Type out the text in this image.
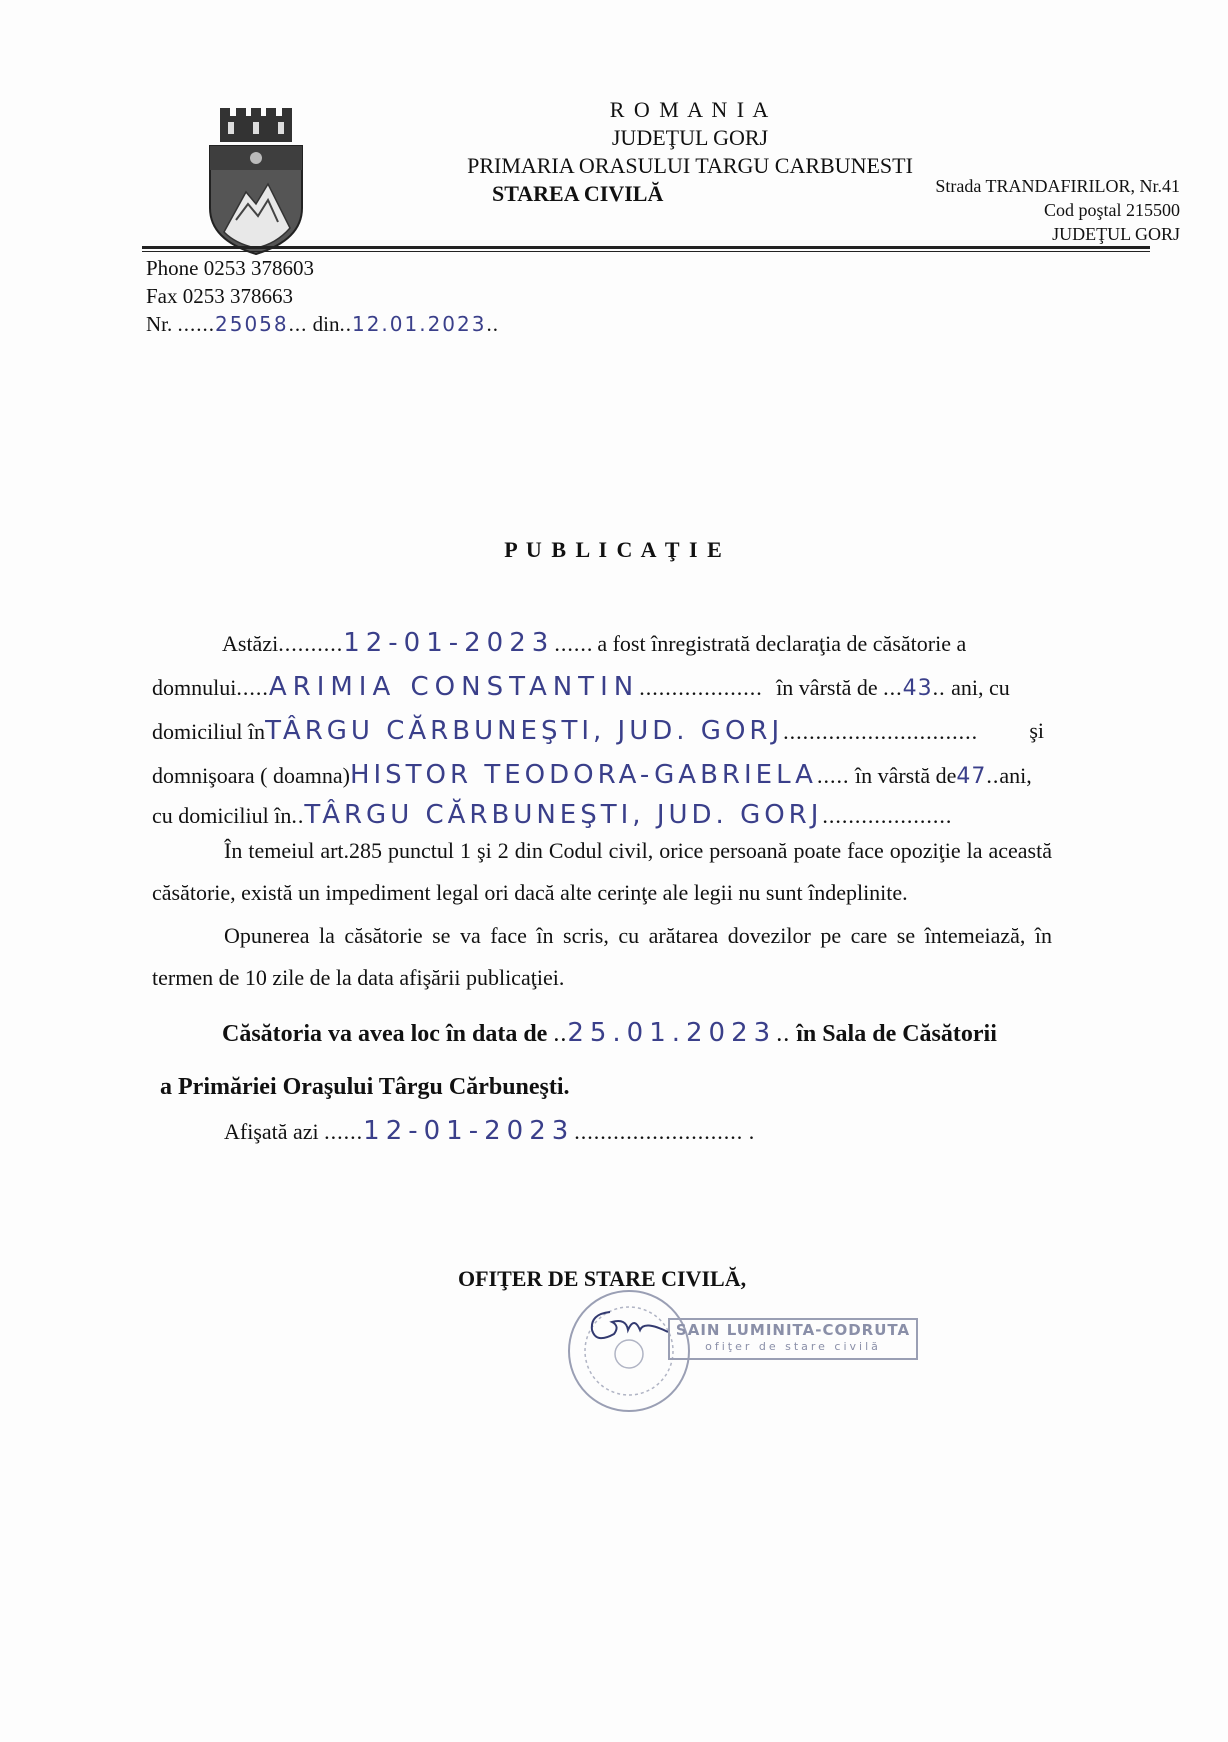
R O M A N I A
JUDEŢUL GORJ
PRIMARIA ORASULUI TARGU CARBUNESTI
STAREA CIVILĂ	Strada TRANDAFIRILOR, Nr.41
Cod poştal 215500
JUDEŢUL GORJ
Phone 0253 378603
Fax 0253 378663
Nr. ......25058... din..12.01.2023..
P U B L I C A Ţ I E
Astăzi..........12-01-2023...... a fost înregistrată declaraţia de căsătorie a
domnului.....ARIMIA CONSTANTIN................... în vârstă de ...43.. ani, cu
domiciliul înTÂRGU CĂRBUNEŞTI, JUD. GORJ.............................. şi
domnişoara ( doamna)HISTOR TEODORA-GABRIELA..... în vârstă de47..ani,
cu domiciliul în..TÂRGU CĂRBUNEŞTI, JUD. GORJ....................
În temeiul art.285 punctul 1 şi 2 din Codul civil, orice persoană poate face opoziţie la această căsătorie, există un impediment legal ori dacă alte cerinţe ale legii nu sunt îndeplinite.
Opunerea la căsătorie se va face în scris, cu arătarea dovezilor pe care se întemeiază, în termen de 10 zile de la data afişării publicaţiei.
Căsătoria va avea loc în data de ..25.01.2023.. în Sala de Căsătorii
a Primăriei Oraşului Târgu Cărbuneşti.
Afişată azi ......12-01-2023.......................... .
OFIŢER DE STARE CIVILĂ,
SAIN LUMINITA-CODRUTA
ofiţer de stare civilă
